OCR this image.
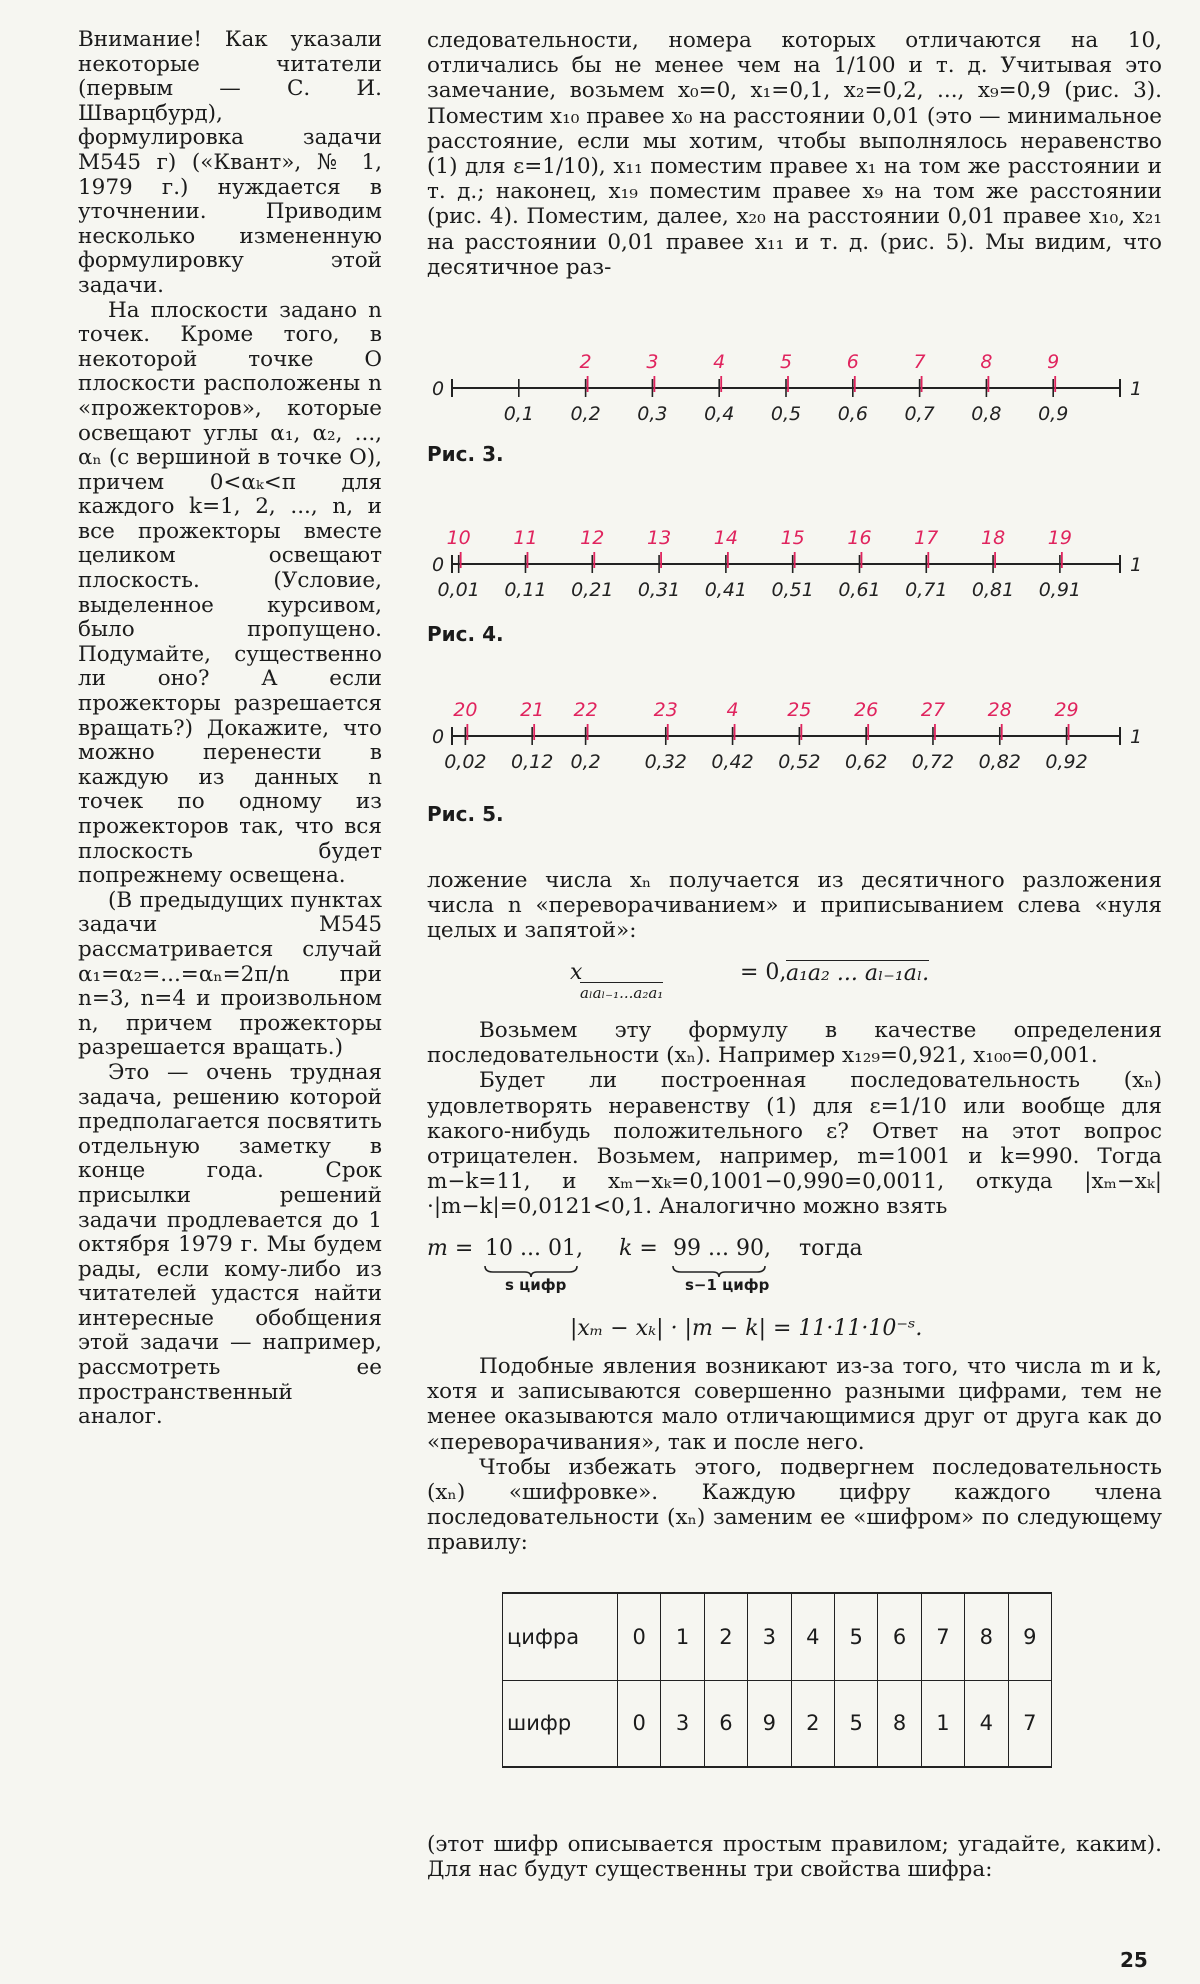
Внимание! Как указали некоторые читатели (первым — С. И. Шварцбурд), формулировка задачи М545 г) («Квант», № 1, 1979 г.) нуждается в уточнении. Приводим несколько измененную формулировку этой задачи.

На плоскости задано n точек. Кроме того, в некоторой точке O плоскости расположены n «прожекторов», которые освещают углы α₁, α₂, ..., αₙ (с вершиной в точке O), причем 0<αₖ<π для каждого k=1, 2, ..., n, и все прожекторы вместе целиком освещают плоскость. (Условие, выделенное курсивом, было пропущено. Подумайте, существенно ли оно? А если прожекторы разрешается вращать?) Докажите, что можно перенести в каждую из данных n точек по одному из прожекторов так, что вся плоскость будет попрежнему освещена.

(В предыдущих пунктах задачи М545 рассматривается случай α₁=α₂=...=αₙ=2π/n при n=3, n=4 и произвольном n, причем прожекторы разрешается вращать.)

Это — очень трудная задача, решению которой предполагается посвятить отдельную заметку в конце года. Срок присылки решений задачи продлевается до 1 октября 1979 г. Мы будем рады, если кому-либо из читателей удастся найти интересные обобщения этой задачи — например, рассмотреть ее пространственный аналог.

следовательности, номера которых отличаются на 10, отличались бы не менее чем на 1/100 и т. д. Учитывая это замечание, возьмем x₀=0, x₁=0,1, x₂=0,2, ..., x₉=0,9 (рис. 3). Поместим x₁₀ правее x₀ на расстоянии 0,01 (это — минимальное расстояние, если мы хотим, чтобы выполнялось неравенство (1) для ε=1/10), x₁₁ поместим правее x₁ на том же расстоянии и т. д.; наконец, x₁₉ поместим правее x₉ на том же расстоянии (рис. 4). Поместим, далее, x₂₀ на расстоянии 0,01 правее x₁₀, x₂₁ на расстоянии 0,01 правее x₁₁ и т. д. (рис. 5). Мы видим, что десятичное раз-

0	1
0,1 0,2 0,3 0,4 0,5 0,6 0,7 0,8 0,9
2	3	4	5	6	7	8	9
Рис. 3.
0	1
0,01 0,11 0,21 0,31 0,41 0,51 0,61 0,71 0,81 0,91
10 11 12 13 14 15 16 17 18 19
Рис. 4.
0	1
0,02 0,12 0,2 0,32 0,42 0,52 0,62 0,72 0,82 0,92
20 21 22	23	4	25 26 27 28 29
Рис. 5.

ложение числа xₙ получается из десятичного разложения числа n «переворачиванием» и приписыванием слева «нуля целых и запятой»:

x
aₗaₗ₋₁...a₂a₁
= 0, a₁a₂ ... aₗ₋₁aₗ.

Возьмем эту формулу в качестве определения последовательности (xₙ). Например x₁₂₉=0,921, x₁₀₀=0,001.

Будет ли построенная последовательность (xₙ) удовлетворять неравенству (1) для ε=1/10 или вообще для какого-нибудь положительного ε? Ответ на этот вопрос отрицателен. Возьмем, например, m=1001 и k=990. Тогда m−k=11, и xₘ−xₖ=0,1001−0,990=0,0011, откуда |xₘ−xₖ|·|m−k|=0,0121<0,1. Аналогично можно взять

m = 10 ... 01,
s цифр
k = 99 ... 90,
s−1 цифр
тогда
|xₘ − xₖ| · |m − k| = 11·11·10⁻ˢ.

Подобные явления возникают из-за того, что числа m и k, хотя и записываются совершенно разными цифрами, тем не менее оказываются мало отличающимися друг от друга как до «переворачивания», так и после него.

Чтобы избежать этого, подвергнем последовательность (xₙ) «шифровке». Каждую цифру каждого члена последовательности (xₙ) заменим ее «шифром» по следующему правилу:

цифра	0	1	2	3	4	5	6	7	8	9
шифр	0	3	6	9	2	5	8	1	4	7

(этот шифр описывается простым правилом; угадайте, каким). Для нас будут существенны три свойства шифра:

25
